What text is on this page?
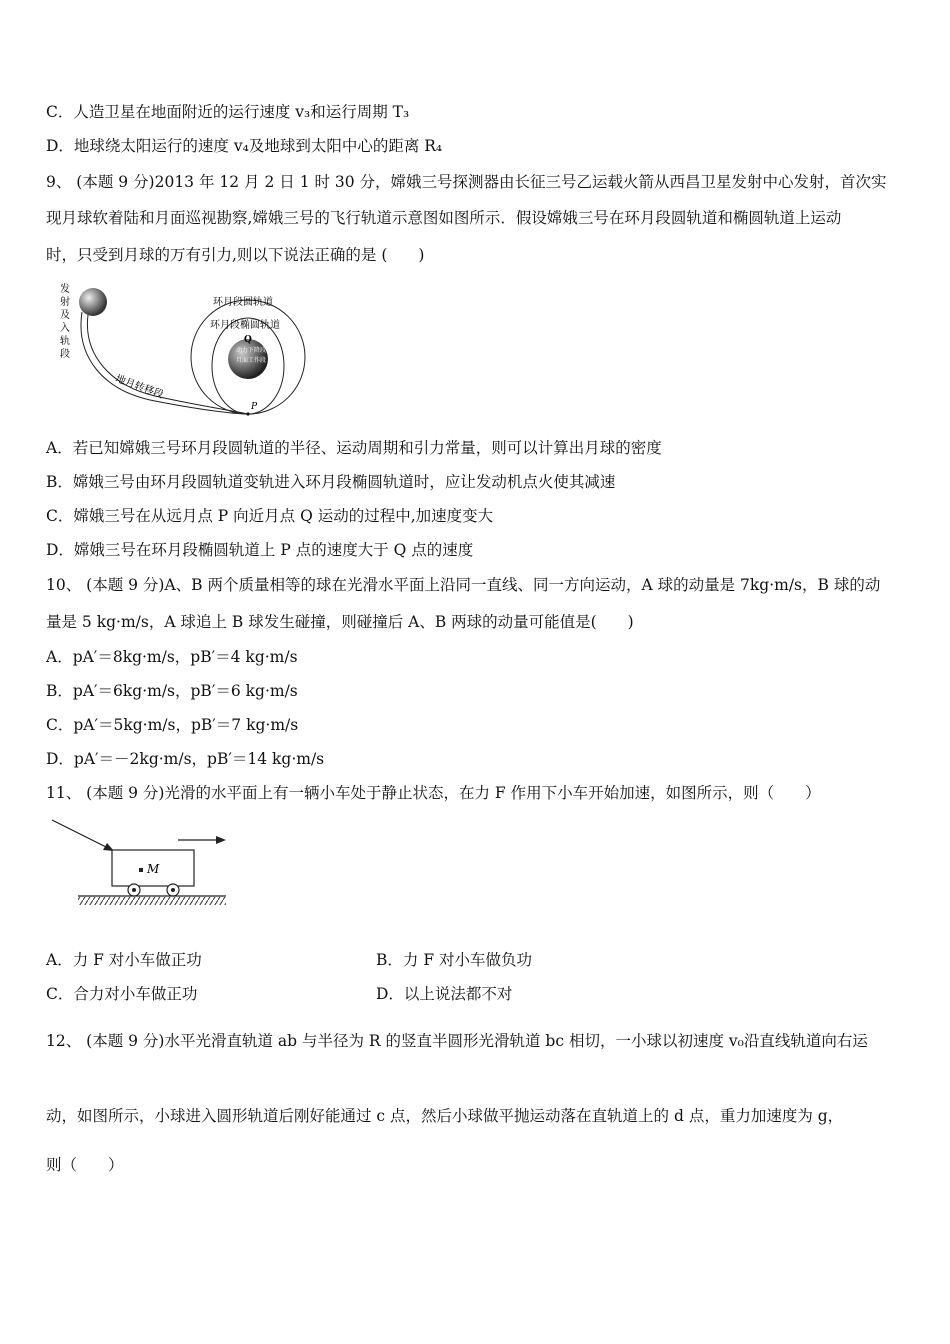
C．人造卫星在地面附近的运行速度 v₃和运行周期 T₃
D．地球绕太阳运行的速度 v₄及地球到太阳中心的距离 R₄
9、 (本题 9 分)2013 年 12 月 2 日 1 时 30 分，嫦娥三号探测器由长征三号乙运载火箭从西昌卫星发射中心发射，首次实
现月球软着陆和月面巡视勘察,嫦娥三号的飞行轨道示意图如图所示．假设嫦娥三号在环月段圆轨道和椭圆轨道上运动
时，只受到月球的万有引力,则以下说法正确的是 (　　)
发
射
及
入
轨
段
地月转移段
环月段圆轨道
环月段椭圆轨道
Q
动力下降段
月面工作段
P
A．若已知嫦娥三号环月段圆轨道的半径、运动周期和引力常量，则可以计算出月球的密度
B．嫦娥三号由环月段圆轨道变轨进入环月段椭圆轨道时，应让发动机点火使其减速
C．嫦娥三号在从远月点 P 向近月点 Q 运动的过程中,加速度变大
D．嫦娥三号在环月段椭圆轨道上 P 点的速度大于 Q 点的速度
10、 (本题 9 分)A、B 两个质量相等的球在光滑水平面上沿同一直线、同一方向运动，A 球的动量是 7kg·m/s，B 球的动
量是 5 kg·m/s，A 球追上 B 球发生碰撞，则碰撞后 A、B 两球的动量可能值是(　　)
A．pA′＝8kg·m/s，pB′＝4 kg·m/s
B．pA′＝6kg·m/s，pB′＝6 kg·m/s
C．pA′＝5kg·m/s，pB′＝7 kg·m/s
D．pA′＝－2kg·m/s，pB′＝14 kg·m/s
11、 (本题 9 分)光滑的水平面上有一辆小车处于静止状态，在力 F 作用下小车开始加速，如图所示，则（　　）
M
A．力 F 对小车做正功	B．力 F 对小车做负功
C．合力对小车做正功	D．以上说法都不对
12、 (本题 9 分)水平光滑直轨道 ab 与半径为 R 的竖直半圆形光滑轨道 bc 相切，一小球以初速度 v₀沿直线轨道向右运
动，如图所示，小球进入圆形轨道后刚好能通过 c 点，然后小球做平抛运动落在直轨道上的 d 点，重力加速度为 g，
则（　　）
